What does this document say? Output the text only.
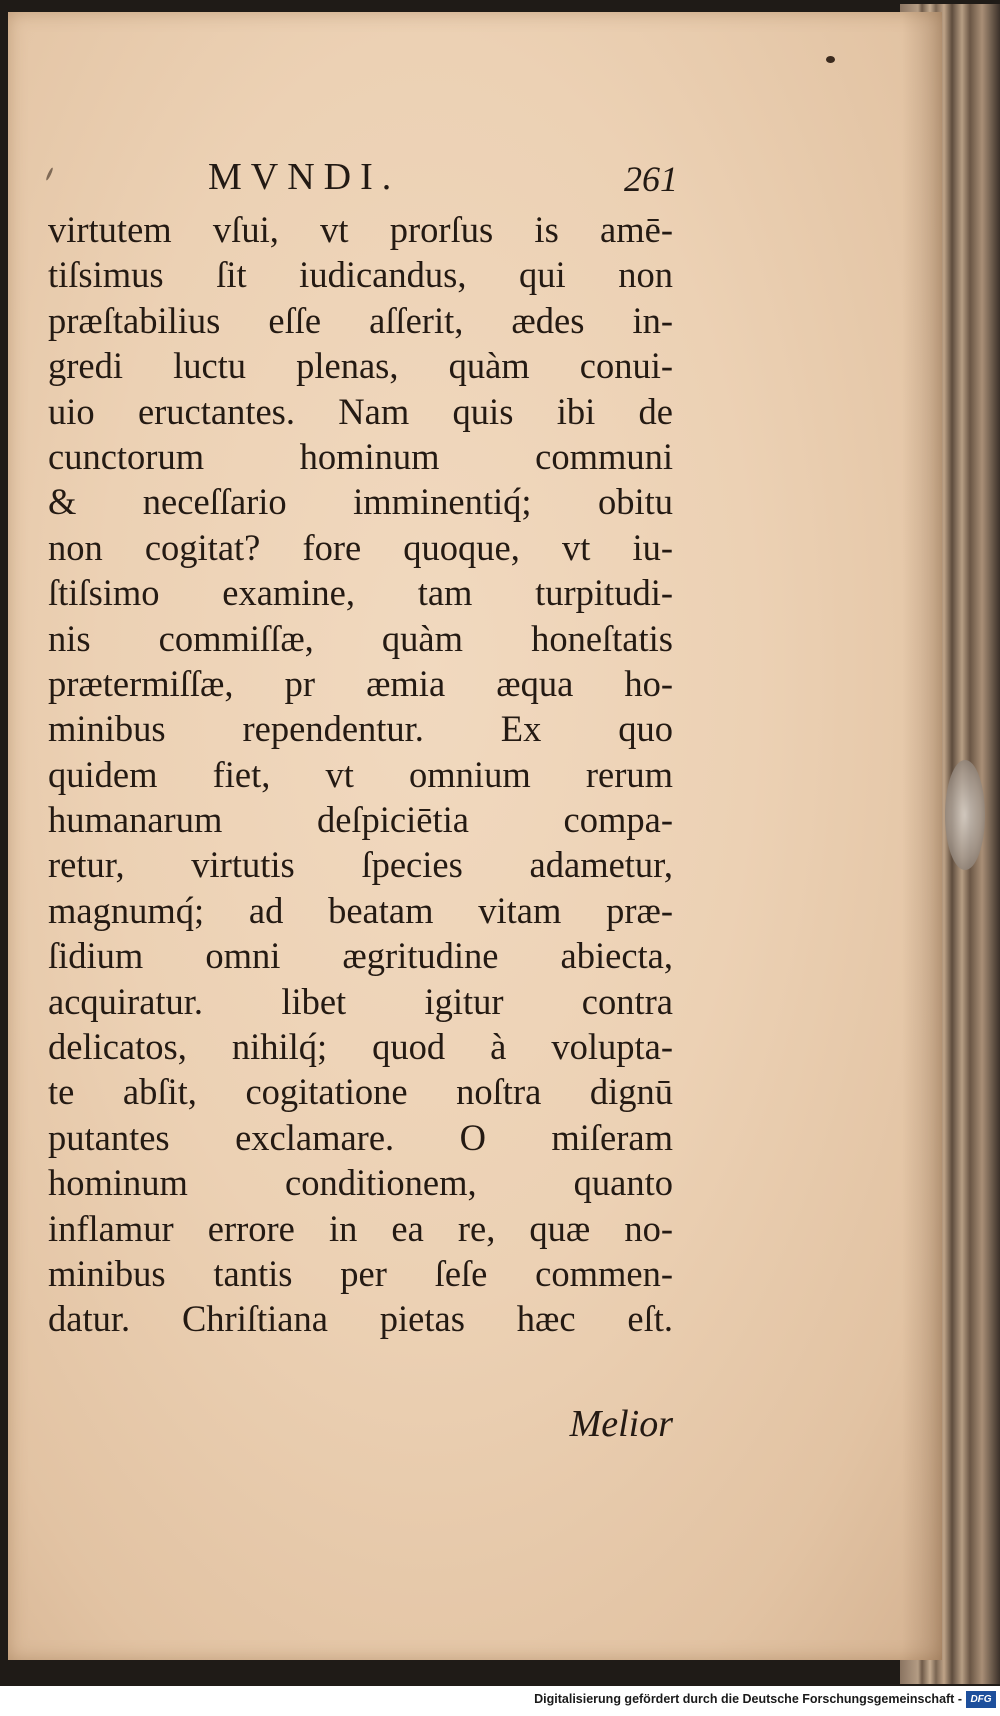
MVNDI.	261
virtutem vſui, vt prorſus is amē-
tiſsimus ſit iudicandus, qui non
præſtabilius eſſe aſſerit, ædes in-
gredi luctu plenas, quàm conui-
uio eructantes. Nam quis ibi de
cunctorum hominum communi
& neceſſario imminentiq́; obitu
non cogitat? fore quoque, vt iu-
ſtiſsimo examine, tam turpitudi-
nis commiſſæ, quàm honeſtatis
prætermiſſæ, pr æmia æqua ho-
minibus rependentur. Ex quo
quidem fiet, vt omnium rerum
humanarum deſpiciētia compa-
retur, virtutis ſpecies adametur,
magnumq́; ad beatam vitam præ-
ſidium omni ægritudine abiecta,
acquiratur. libet igitur contra
delicatos, nihilq́; quod à volupta-
te abſit, cogitatione noſtra dignū
putantes exclamare. O miſeram
hominum conditionem, quanto
inflamur errore in ea re, quæ no-
minibus tantis per ſeſe commen-
datur. Chriſtiana pietas hæc eſt.
Melior
Digitalisierung gefördert durch die Deutsche Forschungsgemeinschaft - DFG
